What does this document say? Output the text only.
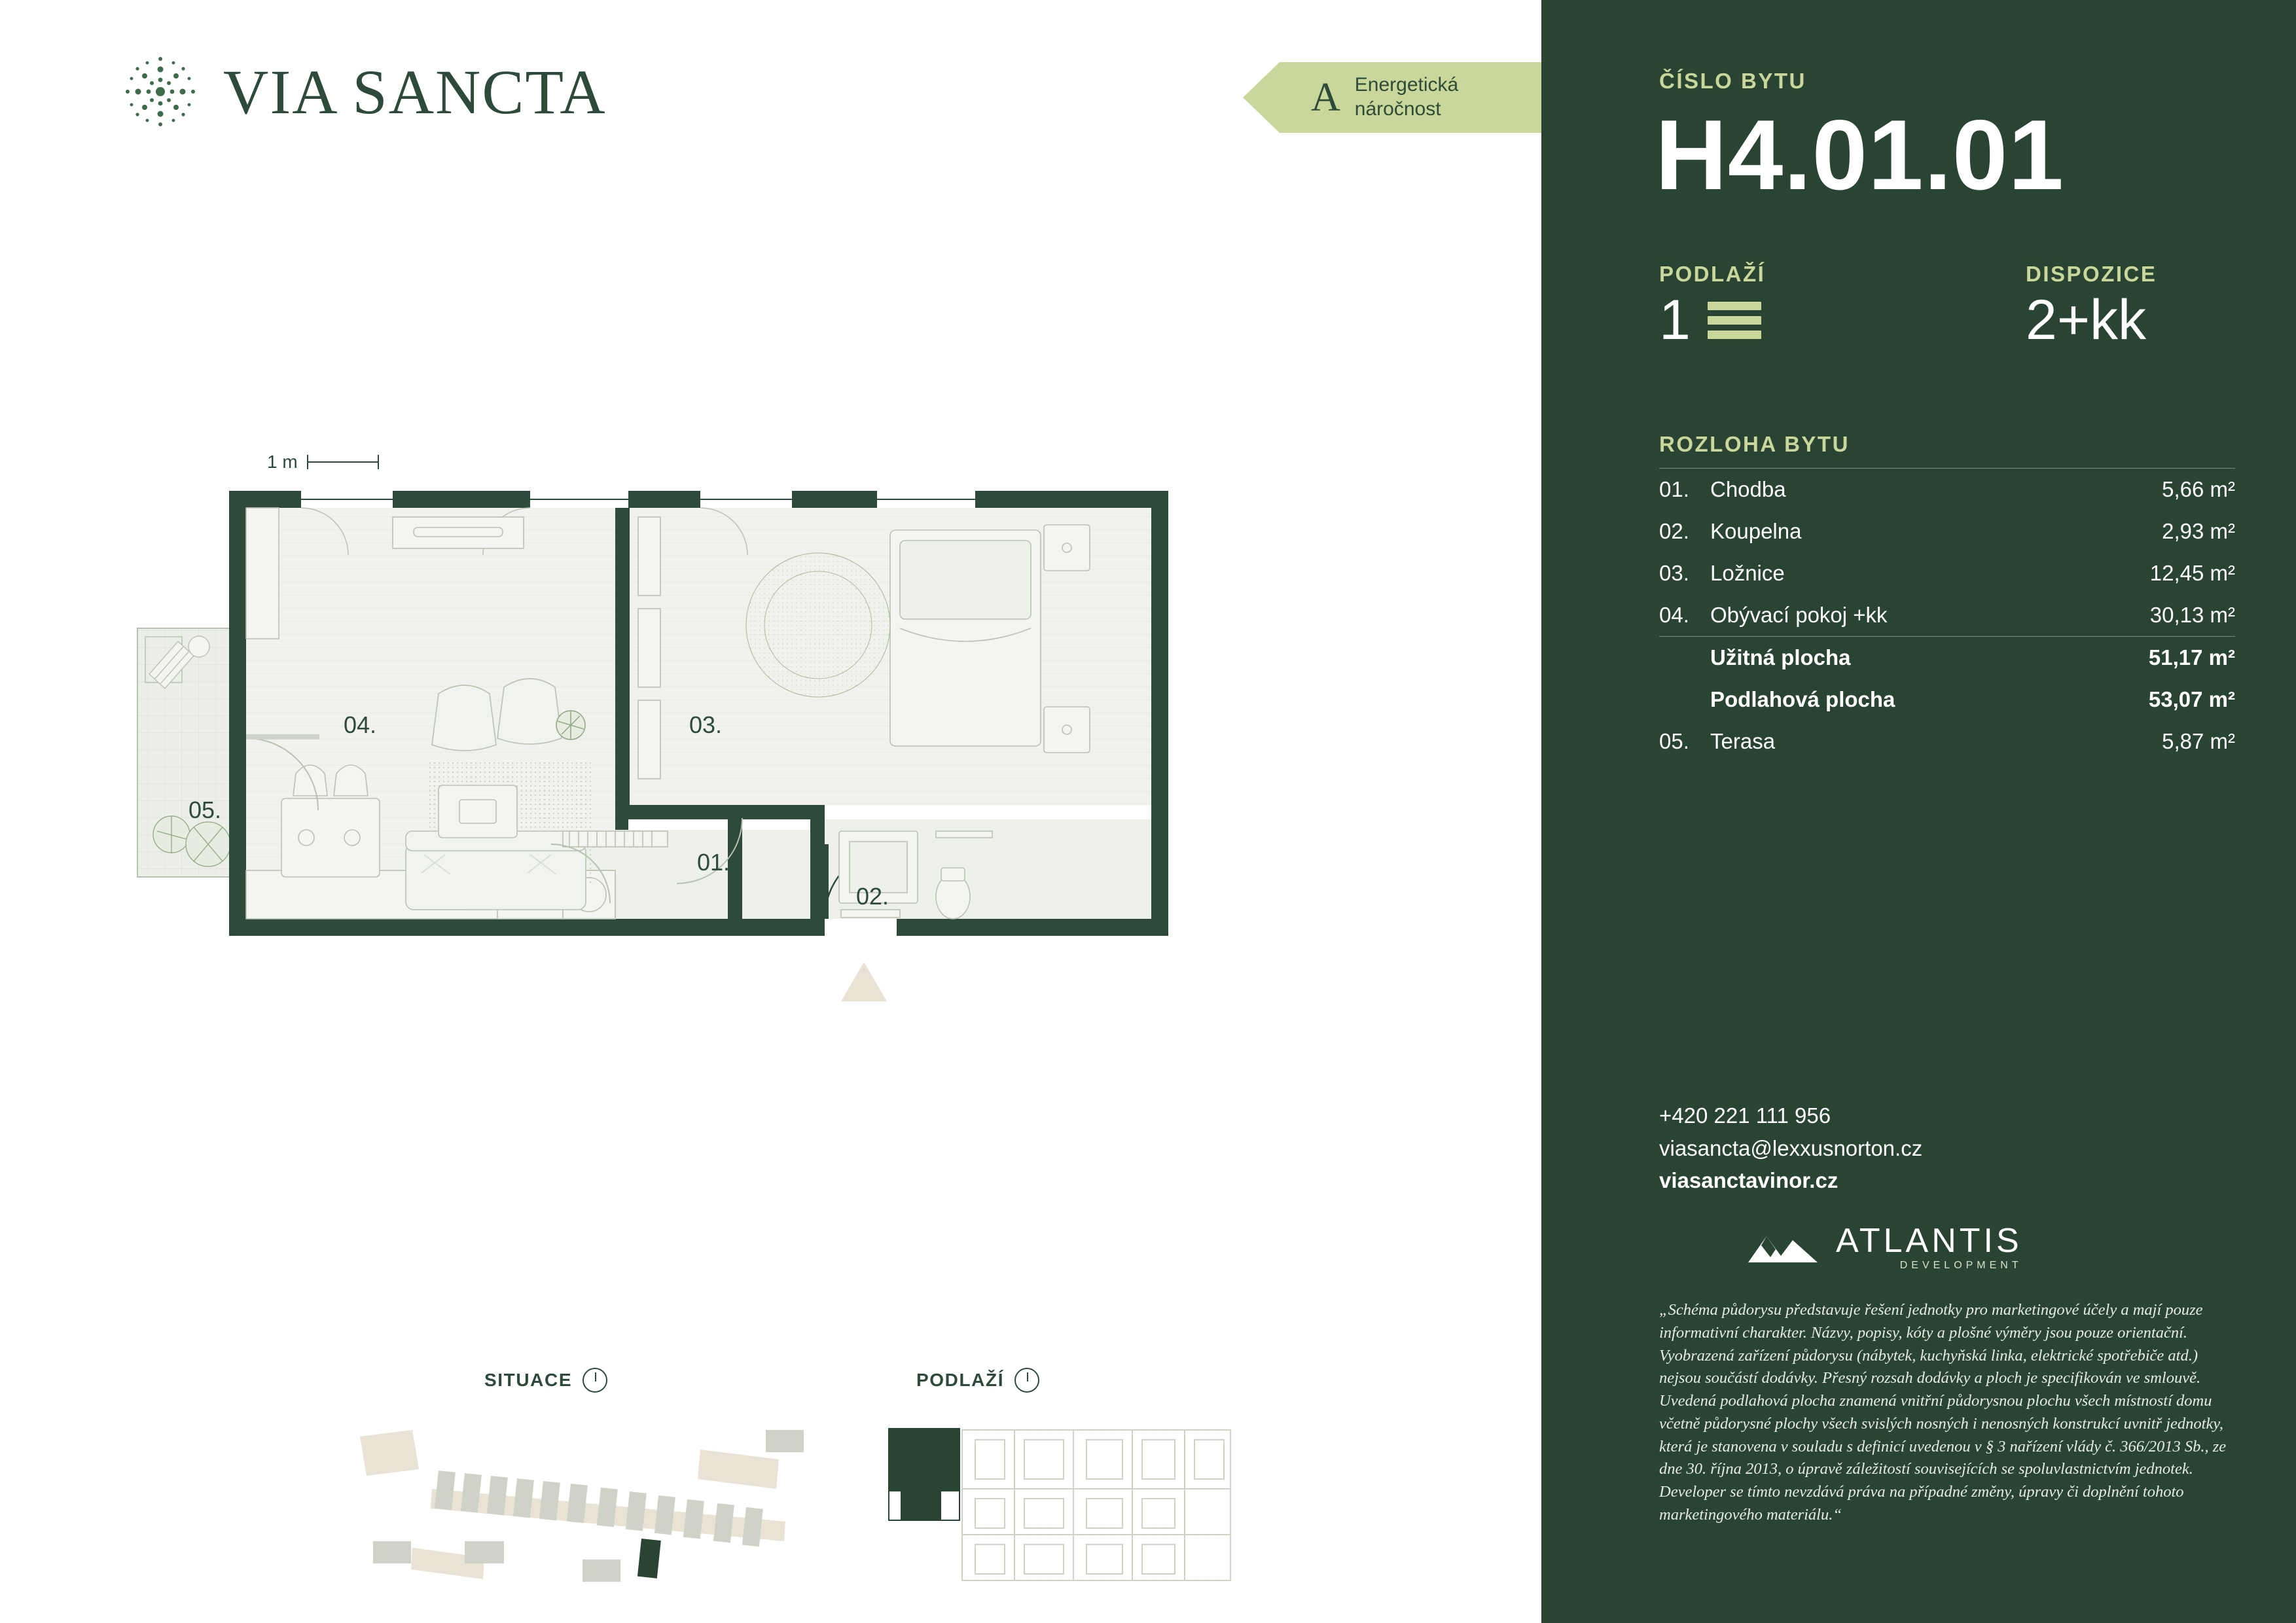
VIA SANCTA	A Energetická
náročnost
1 m
04.	03.
05.
01.
02.
SITUACE	PODLAŽÍ
ČÍSLO BYTU
H4.01.01
PODLAŽÍ	DISPOZICE
1	2+kk
ROZLOHA BYTU
01.	Chodba	5,66 m²
02.	Koupelna	2,93 m²
03.	Ložnice	12,45 m²
04.	Obývací pokoj +kk	30,13 m²
	Užitná plocha	51,17 m²
	Podlahová plocha	53,07 m²
05.	Terasa	5,87 m²
+420 221 111 956
viasancta@lexxusnorton.cz
viasanctavinor.cz
ATLANTIS
DEVELOPMENT
„Schéma půdorysu představuje řešení jednotky pro marketingové účely a mají pouze informativní charakter. Názvy, popisy, kóty a plošné výměry jsou pouze orientační. Vyobrazená zařízení půdorysu (nábytek, kuchyňská linka, elektrické spotřebiče atd.) nejsou součástí dodávky. Přesný rozsah dodávky a ploch je specifikován ve smlouvě. Uvedená podlahová plocha znamená vnitřní půdorysnou plochu všech místností domu včetně půdorysné plochy všech svislých nosných i nenosných konstrukcí uvnitř jednotky, která je stanovena v souladu s definicí uvedenou v § 3 nařízení vlády č. 366/2013 Sb., ze dne 30. října 2013, o úpravě záležitostí souvisejících se spoluvlastnictvím jednotek. Developer se tímto nevzdává práva na případné změny, úpravy či doplnění tohoto marketingového materiálu.“
